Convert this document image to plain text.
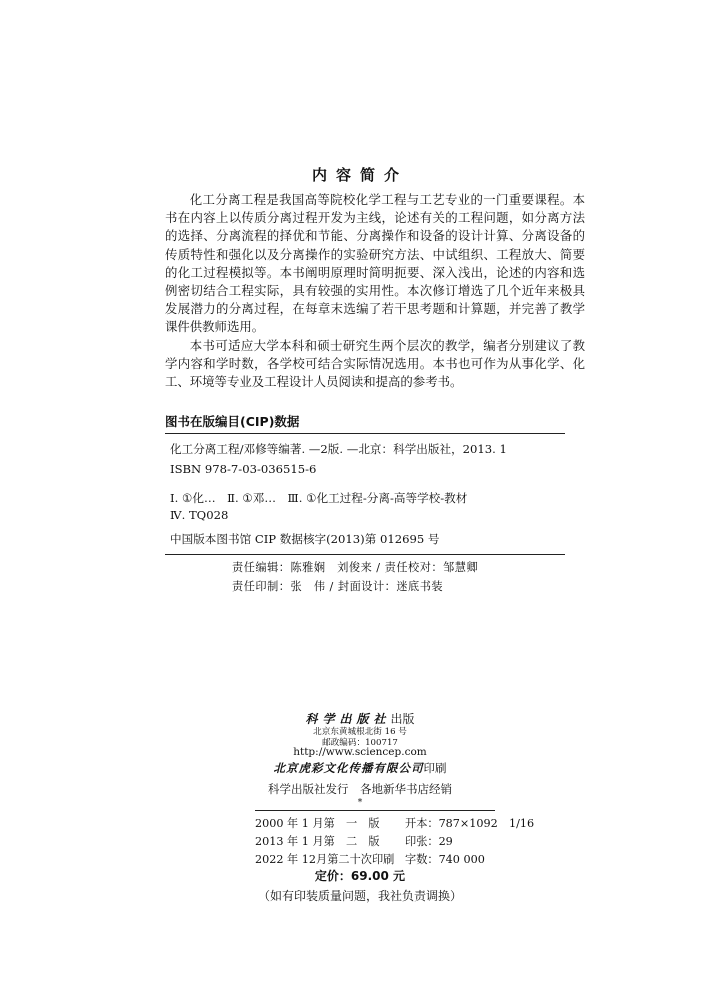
内容简介

化工分离工程是我国高等院校化学工程与工艺专业的一门重要课程。本书在内容上以传质分离过程开发为主线，论述有关的工程问题，如分离方法的选择、分离流程的择优和节能、分离操作和设备的设计计算、分离设备的传质特性和强化以及分离操作的实验研究方法、中试组织、工程放大、简要的化工过程模拟等。本书阐明原理时简明扼要、深入浅出，论述的内容和选例密切结合工程实际，具有较强的实用性。本次修订增选了几个近年来极具发展潜力的分离过程，在每章末选编了若干思考题和计算题，并完善了教学课件供教师选用。

本书可适应大学本科和硕士研究生两个层次的教学，编者分别建议了教学内容和学时数，各学校可结合实际情况选用。本书也可作为从事化学、化工、环境等专业及工程设计人员阅读和提高的参考书。

图书在版编目(CIP)数据
化工分离工程/邓修等编著. —2版. —北京：科学出版社，2013. 1
ISBN 978-7-03-036515-6
Ⅰ. ①化…　Ⅱ. ①邓…　Ⅲ. ①化工过程-分离-高等学校-教材
Ⅳ. TQ028
中国版本图书馆 CIP 数据核字(2013)第 012695 号
责任编辑：陈雅娴　刘俊来 / 责任校对：邹慧卿
责任印制：张　伟 / 封面设计：迷底书装
科学出版社出版
北京东黄城根北街 16 号
邮政编码：100717
http://www.sciencep.com
北京虎彩文化传播有限公司印刷
科学出版社发行　各地新华书店经销
*
2000 年 1 月第　一　版 开本：787×1092　1/16
2013 年 1 月第　二　版 印张：29
2022 年 12月第二十次印刷 字数：740 000
定价：69.00 元
（如有印装质量问题，我社负责调换）
